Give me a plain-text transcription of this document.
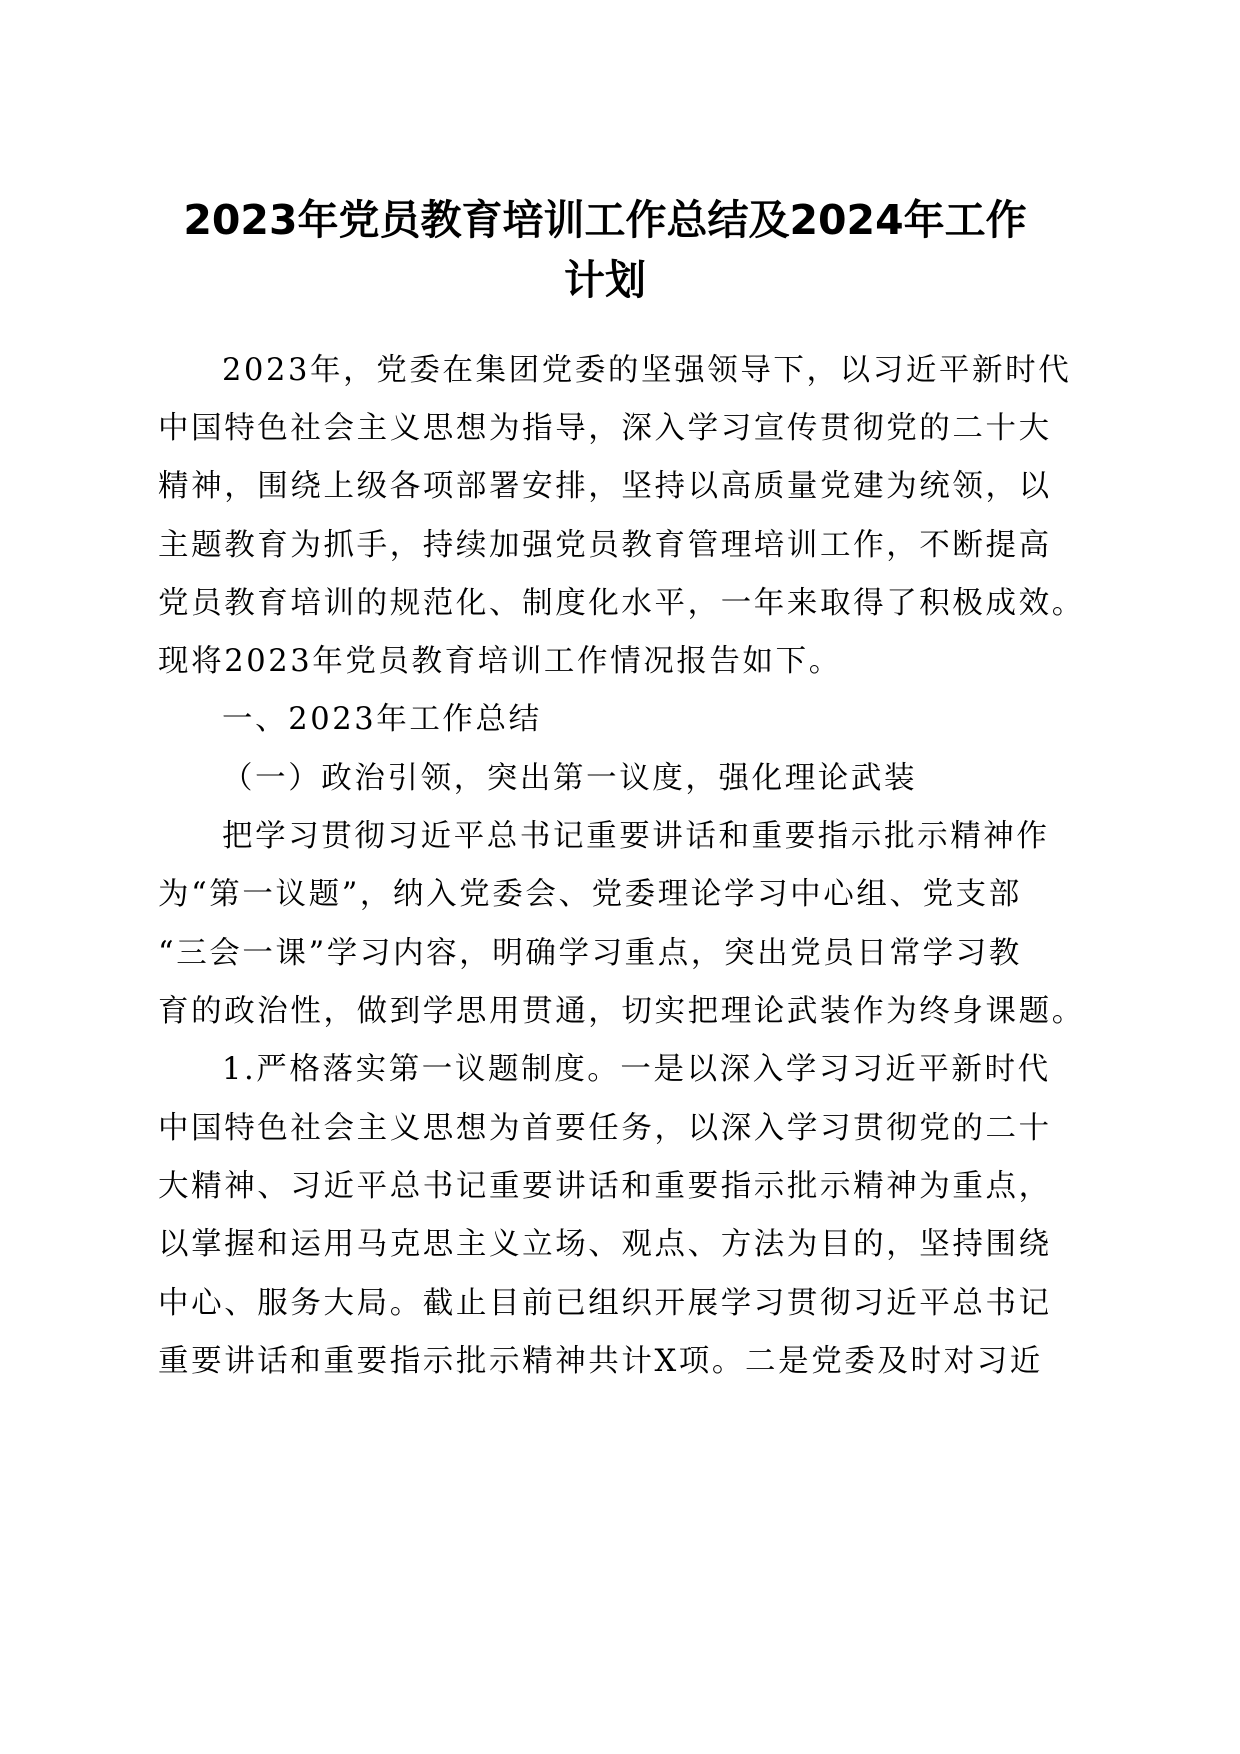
2023年党员教育培训工作总结及2024年工作
计划
2023年，党委在集团党委的坚强领导下，以习近平新时代
中国特色社会主义思想为指导，深入学习宣传贯彻党的二十大
精神，围绕上级各项部署安排，坚持以高质量党建为统领，以
主题教育为抓手，持续加强党员教育管理培训工作，不断提高
党员教育培训的规范化、制度化水平，一年来取得了积极成效。
现将2023年党员教育培训工作情况报告如下。
一、2023年工作总结
（一）政治引领，突出第一议度，强化理论武装
把学习贯彻习近平总书记重要讲话和重要指示批示精神作
为“第一议题”，纳入党委会、党委理论学习中心组、党支部
“三会一课”学习内容，明确学习重点，突出党员日常学习教
育的政治性，做到学思用贯通，切实把理论武装作为终身课题。
1.严格落实第一议题制度。一是以深入学习习近平新时代
中国特色社会主义思想为首要任务，以深入学习贯彻党的二十
大精神、习近平总书记重要讲话和重要指示批示精神为重点，
以掌握和运用马克思主义立场、观点、方法为目的，坚持围绕
中心、服务大局。截止目前已组织开展学习贯彻习近平总书记
重要讲话和重要指示批示精神共计X项。二是党委及时对习近
